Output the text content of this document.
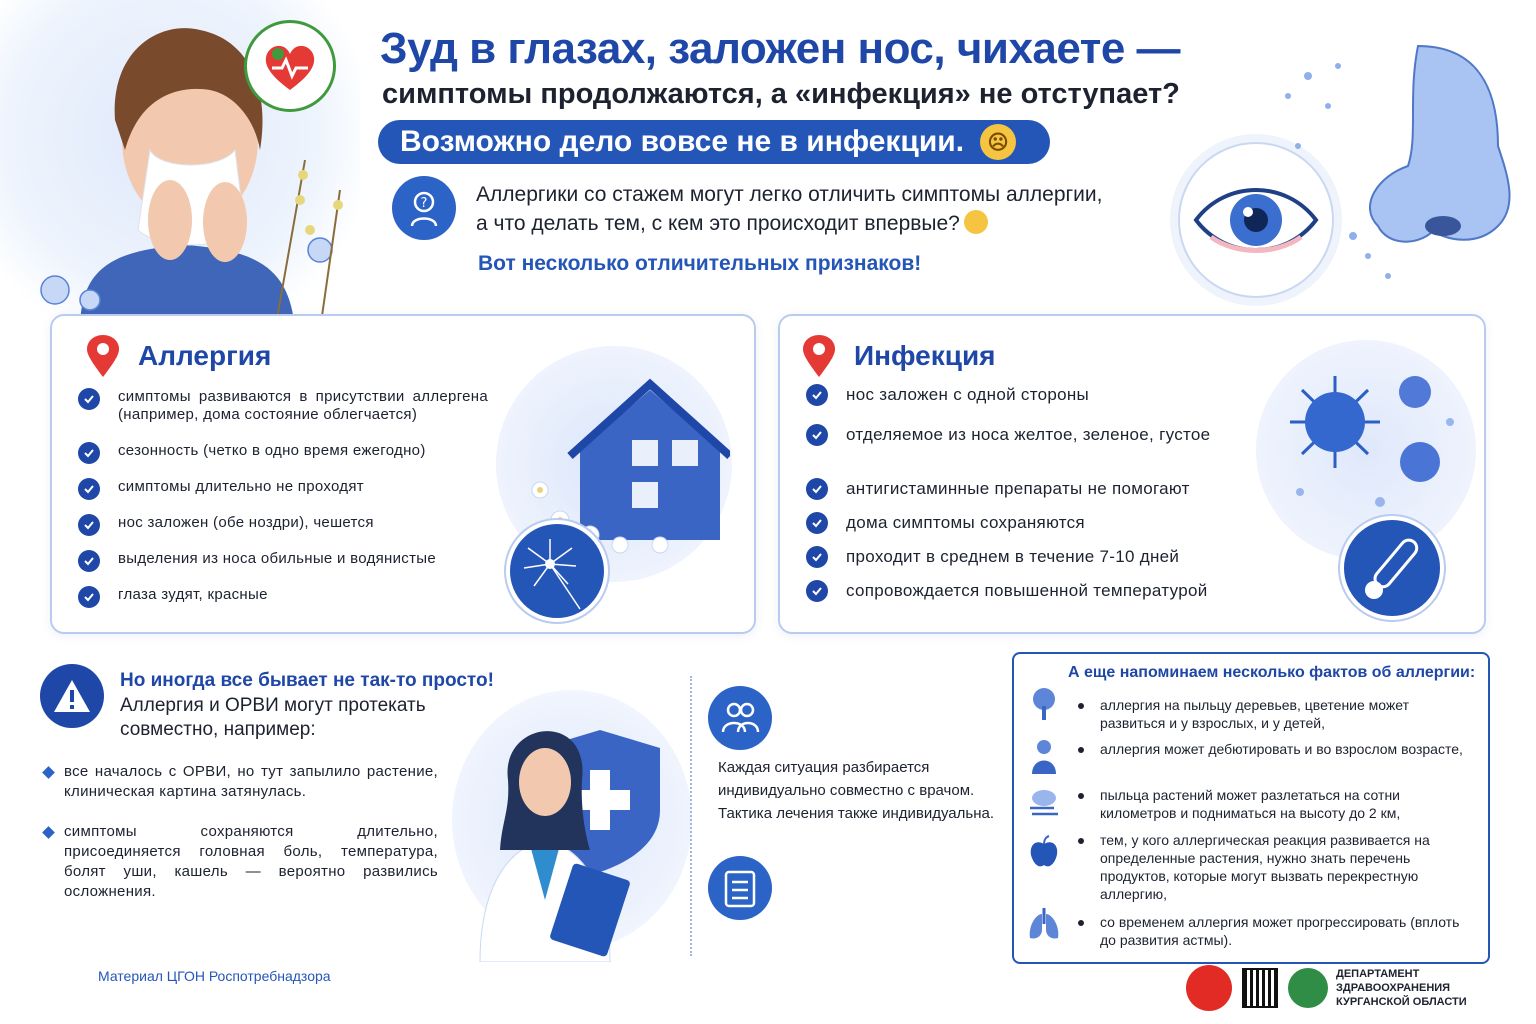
Зуд в глазах, заложен нос, чихаете —
симптомы продолжаются, а «инфекция» не отступает?
Возможно дело вовсе не в инфекции.	☹
? Аллергики со стажем могут легко отличить симптомы аллергии,
а что делать тем, с кем это происходит впервые?
Вот несколько отличительных признаков!
Аллергия
симптомы развиваются в присутствии аллергена (например, дома состояние облегчается)
сезонность (четко в одно время ежегодно)
симптомы длительно не проходят
нос заложен (обе ноздри), чешется
выделения из носа обильные и водянистые
глаза зудят, красные
Инфекция
нос заложен с одной стороны
отделяемое из носа желтое, зеленое, густое
антигистаминные препараты не помогают
дома симптомы сохраняются
проходит в среднем в течение 7-10 дней
сопровождается повышенной температурой
Но иногда все бывает не так-то просто!
Аллергия и ОРВИ могут протекать совместно, например:
все началось с ОРВИ, но тут запылило растение, клиническая картина затянулась.
симптомы сохраняются длительно, присоединяется головная боль, температура, болят уши, кашель — вероятно развились осложнения.
Каждая ситуация разбирается
индивидуально совместно с врачом.
Тактика лечения также индивидуальна.
Материал ЦГОН Роспотребнадзора
А еще напоминаем несколько фактов об аллергии:
аллергия на пыльцу деревьев, цветение может развиться и у взрослых, и у детей,
аллергия может дебютировать и во взрослом возрасте,
пыльца растений может разлетаться на сотни километров и подниматься на высоту до 2 км,
тем, у кого аллергическая реакция развивается на определенные растения, нужно знать перечень продуктов, которые могут вызвать перекрестную аллергию,
со временем аллергия может прогрессировать (вплоть до развития астмы).
ДЕПАРТАМЕНТ ЗДРАВООХРАНЕНИЯ
КУРГАНСКОЙ ОБЛАСТИ
